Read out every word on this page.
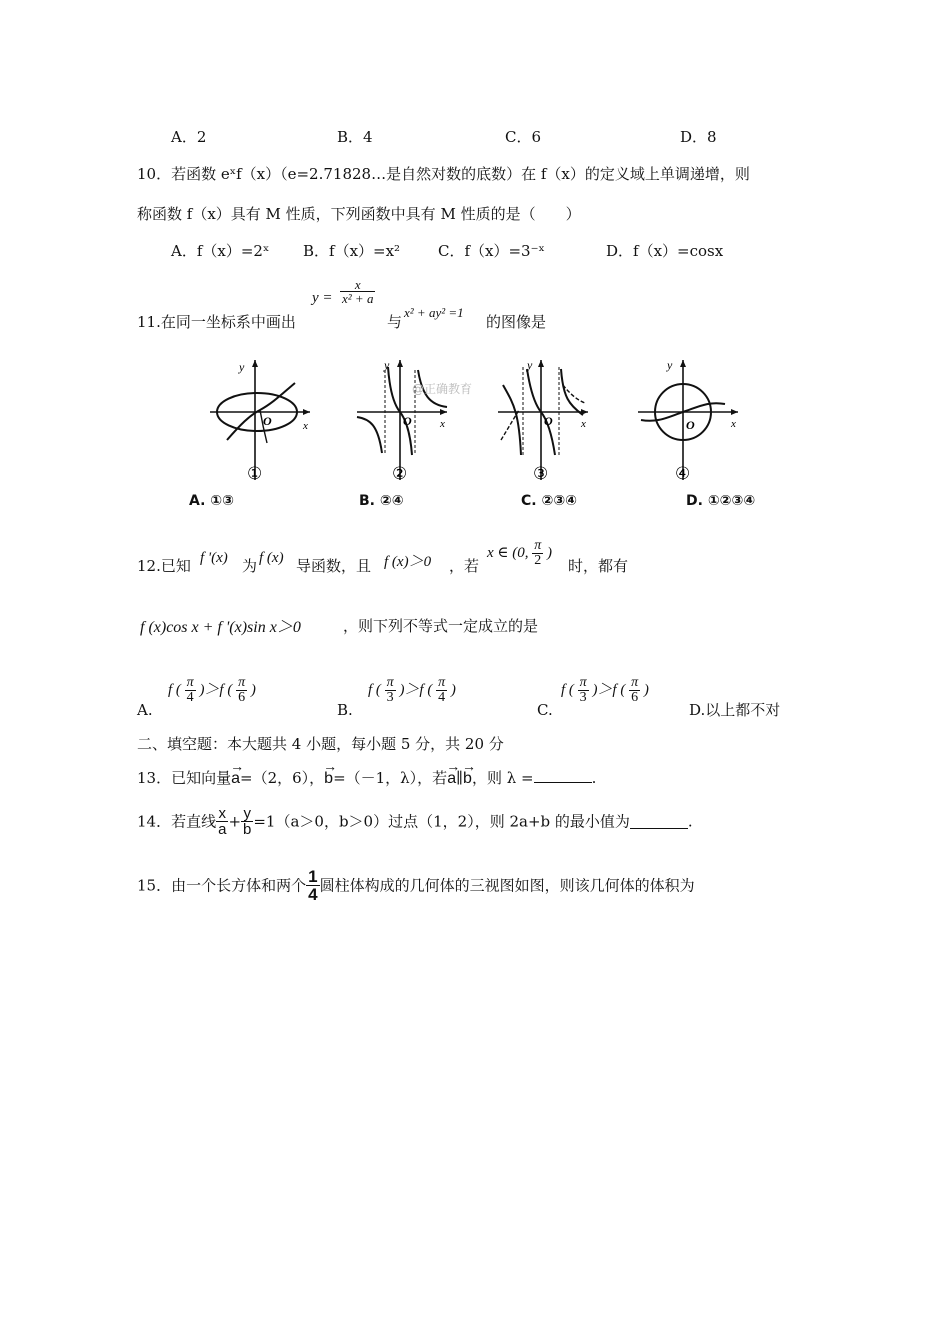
A．2	B．4	C．6	D．8
10．若函数 eˣf（x）（e=2.71828…是自然对数的底数）在 f（x）的定义域上单调递增，则
称函数 f（x）具有 M 性质，下列函数中具有 M 性质的是（　　）
A．f（x）=2ˣ B．f（x）=x²	C．f（x）=3⁻ˣ	D．f（x）=cosx
11.在同一坐标系中画出
$y = \frac{x}{\text{x² + a}}$
与
x² + ay² =1
的图像是
y
x
O
①
y
x
O
②
@正确教育
y
x
O
③
y
x
O
④
A. ①③	B. ②④	C. ②③④	D. ①②③④
12.已知 f '(x) 为 f (x) 导函数，且 f (x)＞0 ，若
x ∈ (0, $\frac{\pi}{2}$ )
时，都有
f (x)cos x + f '(x)sin x＞0	，则下列不等式一定成立的是
A.
f ( $\frac{\pi}{4} )>f$ ( $\frac{\pi}{6}$ )
B.
f ( $\frac{\pi}{3} )>f$ ( $\frac{\pi}{4}$ )
C.
f ( $\frac{\pi}{3} )>f$ ( $\frac{\pi}{6}$ )
D.以上都不对
二、填空题：本大题共 4 小题，每小题 5 分，共 20 分
13．已知向量→ a=（2，6），→ b=（－1，λ），若→ a∥→ b，则 λ =	.
14．若直线 $\frac{x}{a} + \frac{y}{b} =1(a>0$，b＞0）过点（1，2），则 2a+b 的最小值为	.
15．由一个长方体和两个 $\frac{1}{4}$ 圆柱体构成的几何体的三视图如图，则该几何体的体积为
